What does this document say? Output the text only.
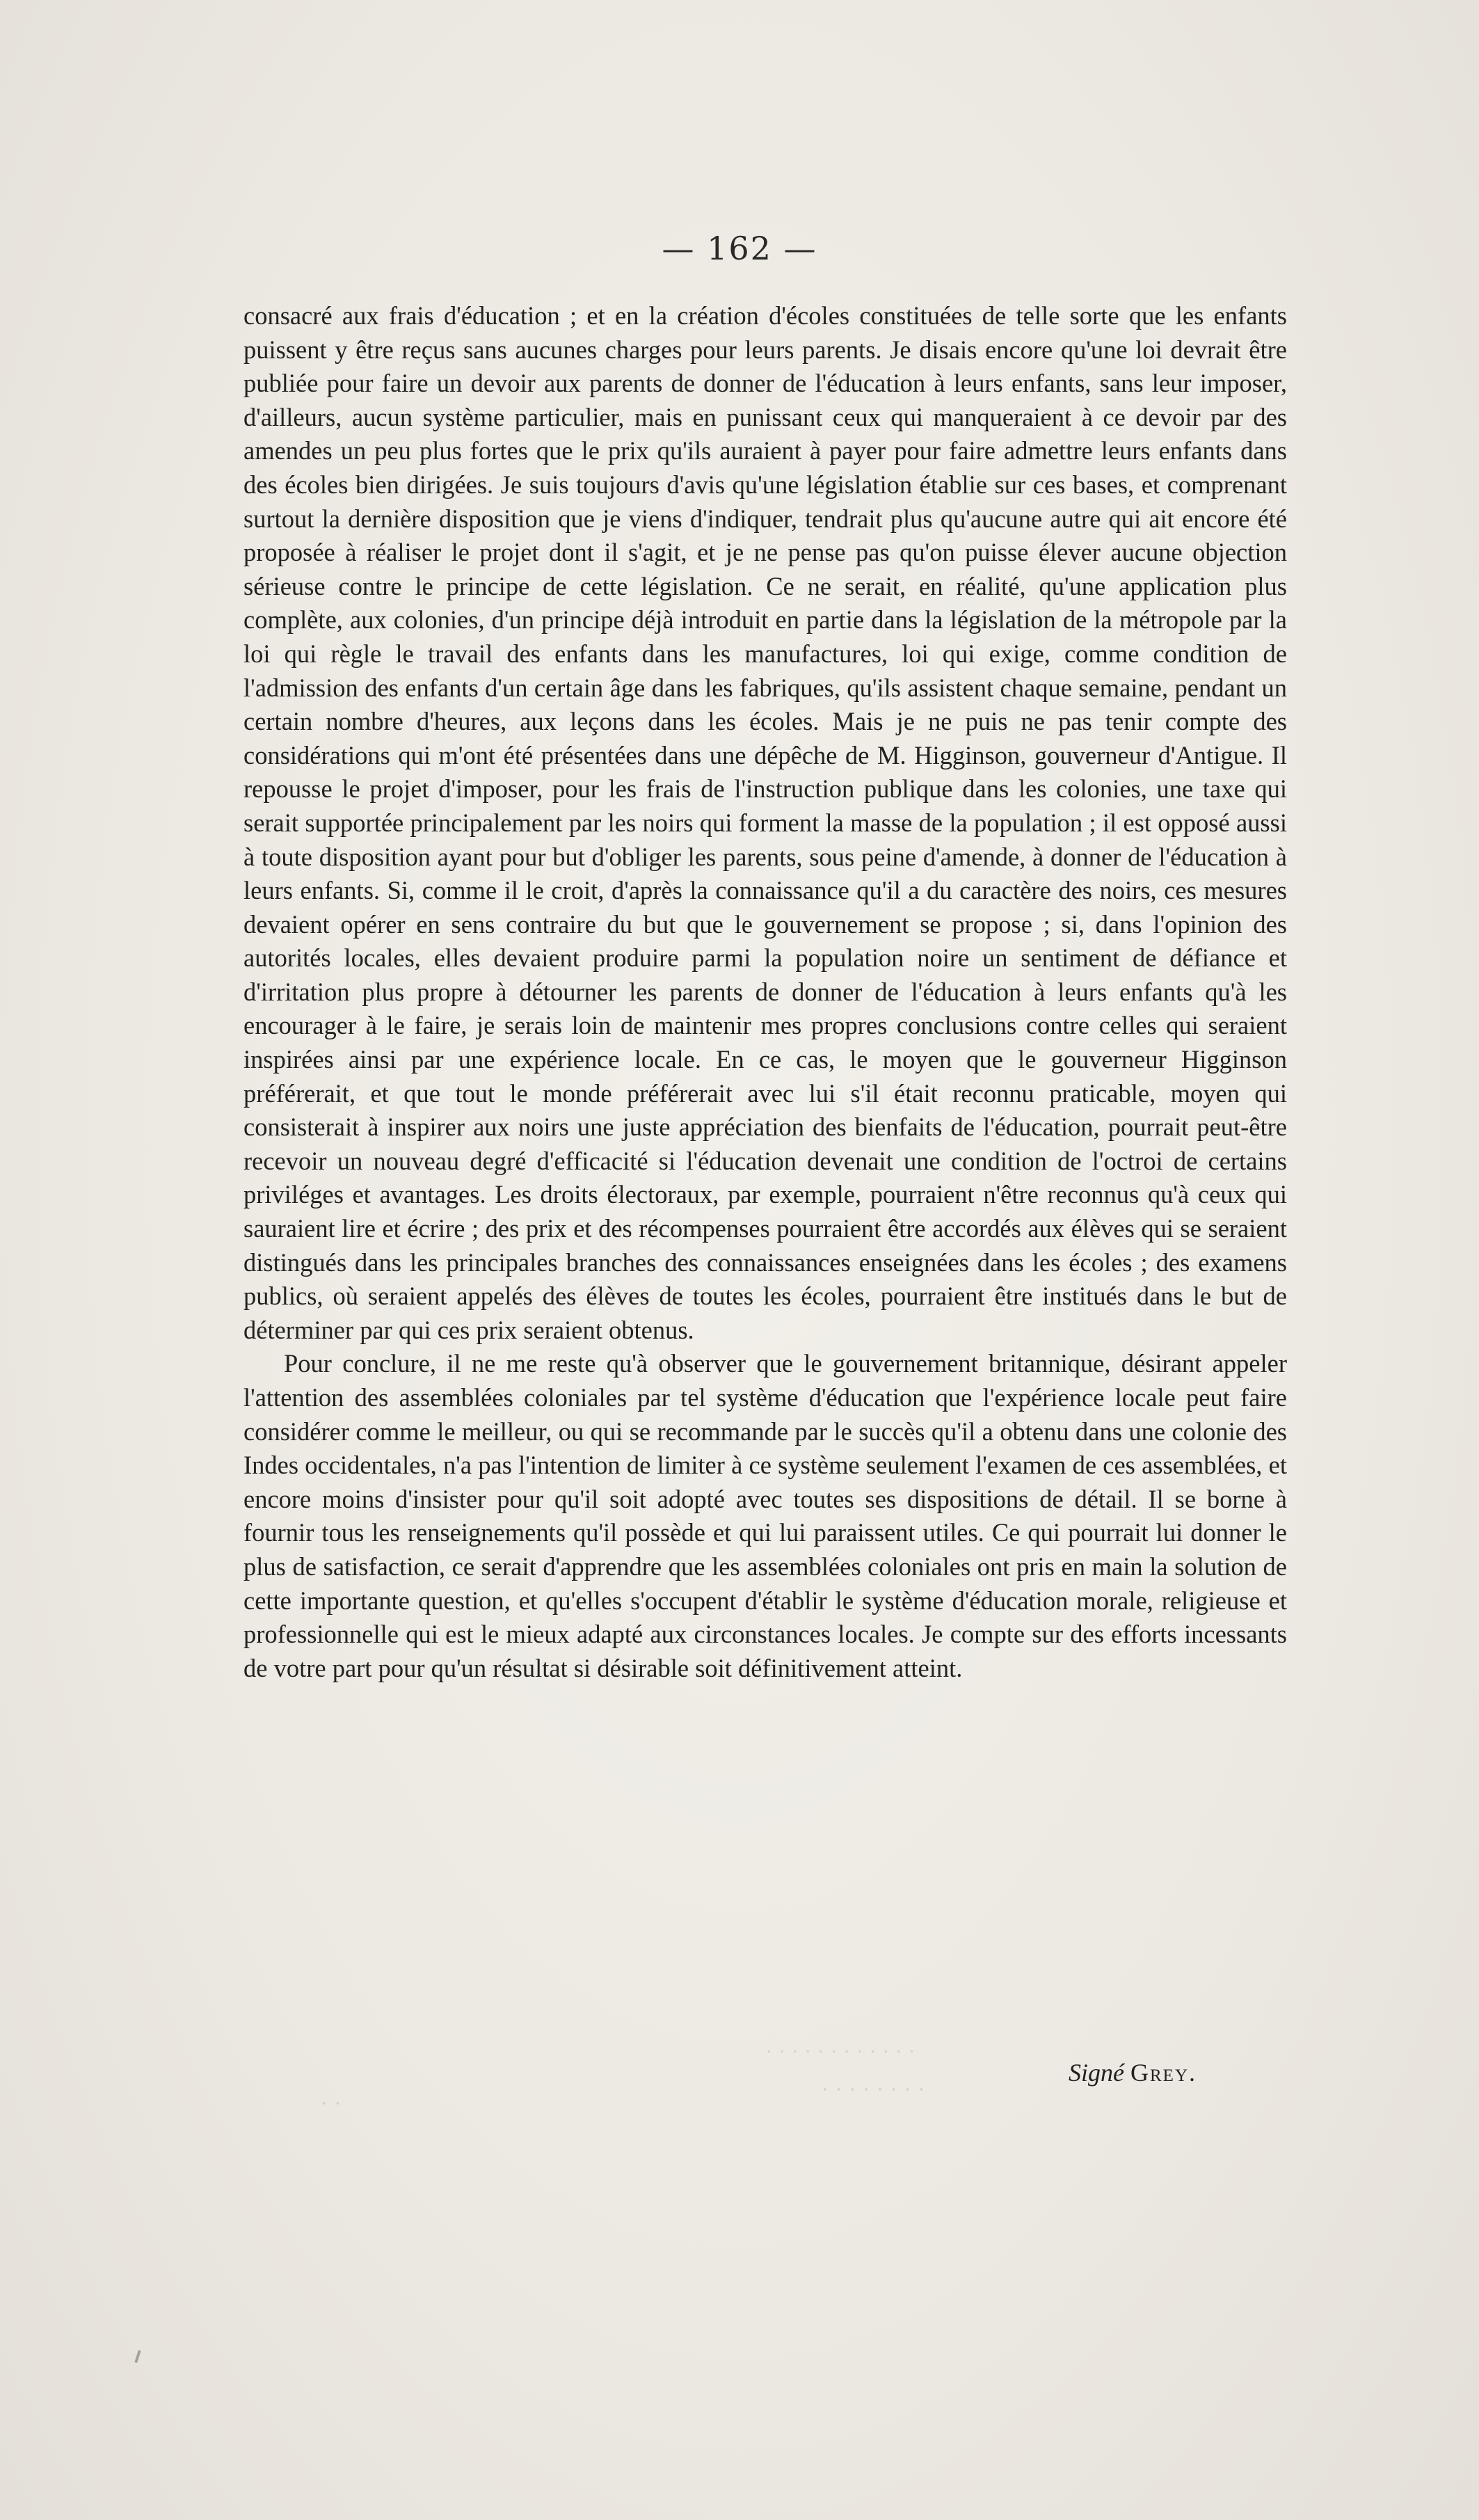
— 162 —

consacré aux frais d'éducation ; et en la création d'écoles constituées de telle sorte que les enfants puissent y être reçus sans aucunes charges pour leurs parents. Je disais encore qu'une loi devrait être publiée pour faire un devoir aux parents de donner de l'éducation à leurs enfants, sans leur imposer, d'ailleurs, aucun système particulier, mais en punissant ceux qui manqueraient à ce devoir par des amendes un peu plus fortes que le prix qu'ils auraient à payer pour faire admettre leurs enfants dans des écoles bien dirigées. Je suis toujours d'avis qu'une législation établie sur ces bases, et comprenant surtout la dernière disposition que je viens d'indiquer, tendrait plus qu'aucune autre qui ait encore été proposée à réaliser le projet dont il s'agit, et je ne pense pas qu'on puisse élever aucune objection sérieuse contre le principe de cette législation. Ce ne serait, en réalité, qu'une application plus complète, aux colonies, d'un principe déjà introduit en partie dans la législation de la métropole par la loi qui règle le travail des enfants dans les manufactures, loi qui exige, comme condition de l'admission des enfants d'un certain âge dans les fabriques, qu'ils assistent chaque semaine, pendant un certain nombre d'heures, aux leçons dans les écoles. Mais je ne puis ne pas tenir compte des considérations qui m'ont été présentées dans une dépêche de M. Higginson, gouverneur d'Antigue. Il repousse le projet d'imposer, pour les frais de l'instruction publique dans les colonies, une taxe qui serait supportée principalement par les noirs qui forment la masse de la population ; il est opposé aussi à toute disposition ayant pour but d'obliger les parents, sous peine d'amende, à donner de l'éducation à leurs enfants. Si, comme il le croit, d'après la connaissance qu'il a du caractère des noirs, ces mesures devaient opérer en sens contraire du but que le gouvernement se propose ; si, dans l'opinion des autorités locales, elles devaient produire parmi la population noire un sentiment de défiance et d'irritation plus propre à détourner les parents de donner de l'éducation à leurs enfants qu'à les encourager à le faire, je serais loin de maintenir mes propres conclusions contre celles qui seraient inspirées ainsi par une expérience locale. En ce cas, le moyen que le gouverneur Higginson préférerait, et que tout le monde préférerait avec lui s'il était reconnu praticable, moyen qui consisterait à inspirer aux noirs une juste appréciation des bienfaits de l'éducation, pourrait peut-être recevoir un nouveau degré d'efficacité si l'éducation devenait une condition de l'octroi de certains priviléges et avantages. Les droits électoraux, par exemple, pourraient n'être reconnus qu'à ceux qui sauraient lire et écrire ; des prix et des récompenses pourraient être accordés aux élèves qui se seraient distingués dans les principales branches des connaissances enseignées dans les écoles ; des examens publics, où seraient appelés des élèves de toutes les écoles, pourraient être institués dans le but de déterminer par qui ces prix seraient obtenus.

Pour conclure, il ne me reste qu'à observer que le gouvernement britannique, désirant appeler l'attention des assemblées coloniales par tel système d'éducation que l'expérience locale peut faire considérer comme le meilleur, ou qui se recommande par le succès qu'il a obtenu dans une colonie des Indes occidentales, n'a pas l'intention de limiter à ce système seulement l'examen de ces assemblées, et encore moins d'insister pour qu'il soit adopté avec toutes ses dispositions de détail. Il se borne à fournir tous les renseignements qu'il possède et qui lui paraissent utiles. Ce qui pourrait lui donner le plus de satisfaction, ce serait d'apprendre que les assemblées coloniales ont pris en main la solution de cette importante question, et qu'elles s'occupent d'établir le système d'éducation morale, religieuse et professionnelle qui est le mieux adapté aux circonstances locales. Je compte sur des efforts incessants de votre part pour qu'un résultat si désirable soit définitivement atteint.

Signé Grey.
· · · · · · · · · · · ·
· · · · · · · ·
· ·
